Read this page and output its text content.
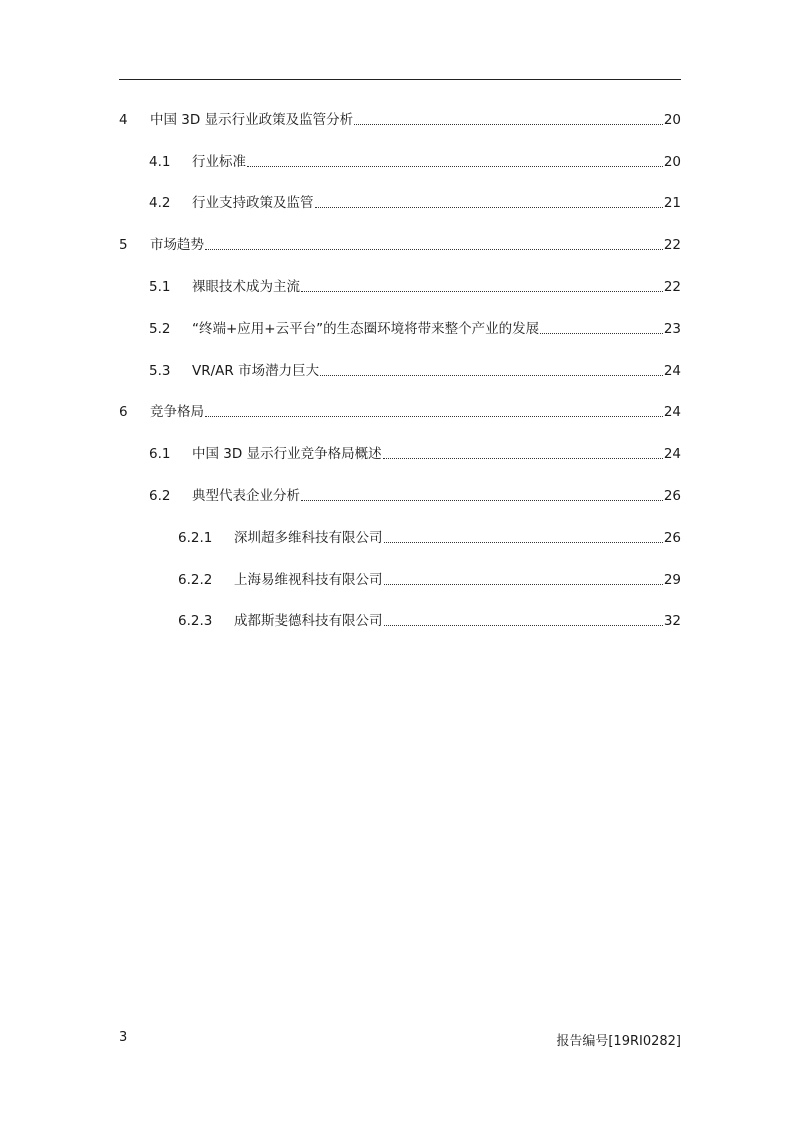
4	中国 3D 显示行业政策及监管分析	20
4.1	行业标准	20
4.2	行业支持政策及监管	21
5	市场趋势	22
5.1	裸眼技术成为主流	22
5.2	“终端+应用+云平台”的生态圈环境将带来整个产业的发展	23
5.3	VR/AR 市场潜力巨大	24
6	竞争格局	24
6.1	中国 3D 显示行业竞争格局概述	24
6.2	典型代表企业分析	26
6.2.1	深圳超多维科技有限公司	26
6.2.2	上海易维视科技有限公司	29
6.2.3	成都斯斐德科技有限公司	32
3	报告编号[19RI0282]
